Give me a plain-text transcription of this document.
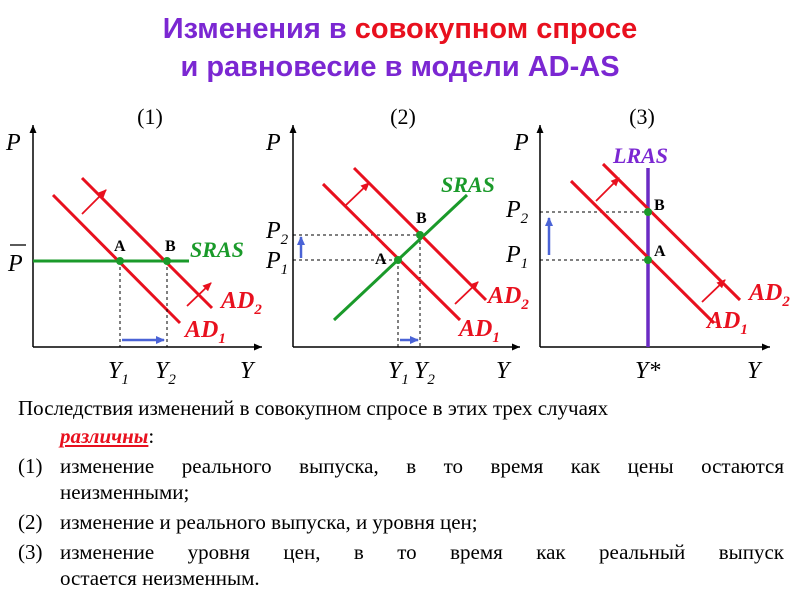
Изменения в совокупном спросе
и равновесие в модели AD-AS
(1)
P
Y
P
SRAS
A B
$AD_2$
$AD_1$
$Y_1$ $Y_2$
(2)
P
Y
$P_2$
$P_1$
SRAS
A
B
$AD_2$
$AD_1$
$Y_1$ $Y_2$
(3)
P
Y
$P_2$
$P_1$
LRAS
A
B
$AD_2$
$AD_1$
Y*
Последствия изменений в совокупном спросе в этих трех случаях
различны:
(1) изменение реального выпуска, в то время как цены остаются
неизменными;
(2) изменение и реального выпуска, и уровня цен;
(3) изменение уровня цен, в то время как реальный выпуск
остается неизменным.
